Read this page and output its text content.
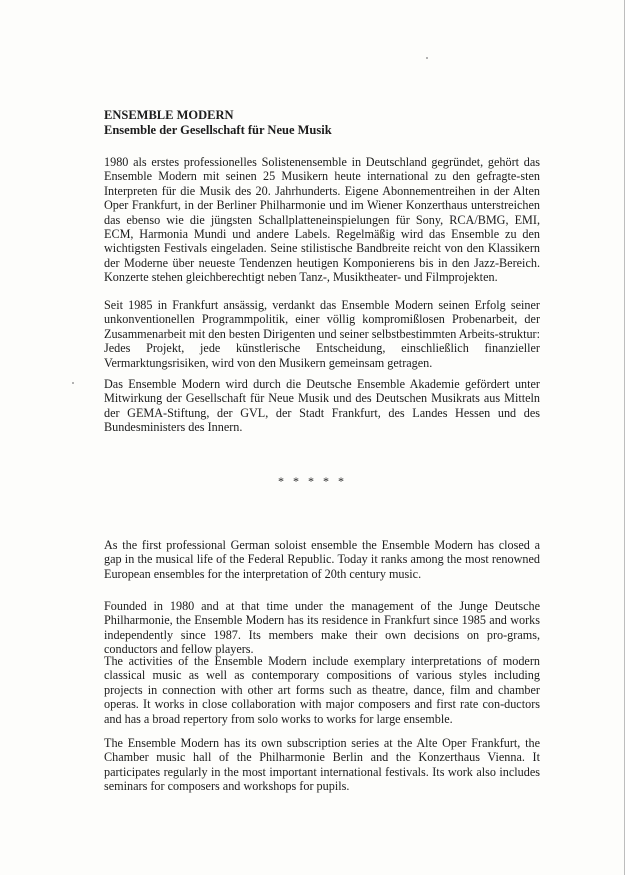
ENSEMBLE MODERN
Ensemble der Gesellschaft für Neue Musik

1980 als erstes professionelles Solistenensemble in Deutschland gegründet, gehört das Ensemble Modern mit seinen 25 Musikern heute international zu den gefragte-sten Interpreten für die Musik des 20. Jahrhunderts. Eigene Abonnementreihen in der Alten Oper Frankfurt, in der Berliner Philharmonie und im Wiener Konzerthaus unterstreichen das ebenso wie die jüngsten Schallplatteneinspielungen für Sony, RCA/BMG, EMI, ECM, Harmonia Mundi und andere Labels. Regelmäßig wird das Ensemble zu den wichtigsten Festivals eingeladen. Seine stilistische Bandbreite reicht von den Klassikern der Moderne über neueste Tendenzen heutigen Komponierens bis in den Jazz-Bereich. Konzerte stehen gleichberechtigt neben Tanz-, Musiktheater- und Filmprojekten.

Seit 1985 in Frankfurt ansässig, verdankt das Ensemble Modern seinen Erfolg seiner unkonventionellen Programmpolitik, einer völlig kompromißlosen Probenarbeit, der Zusammenarbeit mit den besten Dirigenten und seiner selbstbestimmten Arbeits-struktur: Jedes Projekt, jede künstlerische Entscheidung, einschließlich finanzieller Vermarktungsrisiken, wird von den Musikern gemeinsam getragen.

Das Ensemble Modern wird durch die Deutsche Ensemble Akademie gefördert unter Mitwirkung der Gesellschaft für Neue Musik und des Deutschen Musikrats aus Mitteln der GEMA-Stiftung, der GVL, der Stadt Frankfurt, des Landes Hessen und des Bundesministers des Innern.

* * * * *

As the first professional German soloist ensemble the Ensemble Modern has closed a gap in the musical life of the Federal Republic. Today it ranks among the most renowned European ensembles for the interpretation of 20th century music.

Founded in 1980 and at that time under the management of the Junge Deutsche Philharmonie, the Ensemble Modern has its residence in Frankfurt since 1985 and works independently since 1987. Its members make their own decisions on pro-grams, conductors and fellow players.

The activities of the Ensemble Modern include exemplary interpretations of modern classical music as well as contemporary compositions of various styles including projects in connection with other art forms such as theatre, dance, film and chamber operas. It works in close collaboration with major composers and first rate con-ductors and has a broad repertory from solo works to works for large ensemble.

The Ensemble Modern has its own subscription series at the Alte Oper Frankfurt, the Chamber music hall of the Philharmonie Berlin and the Konzerthaus Vienna. It participates regularly in the most important international festivals. Its work also includes seminars for composers and workshops for pupils.
